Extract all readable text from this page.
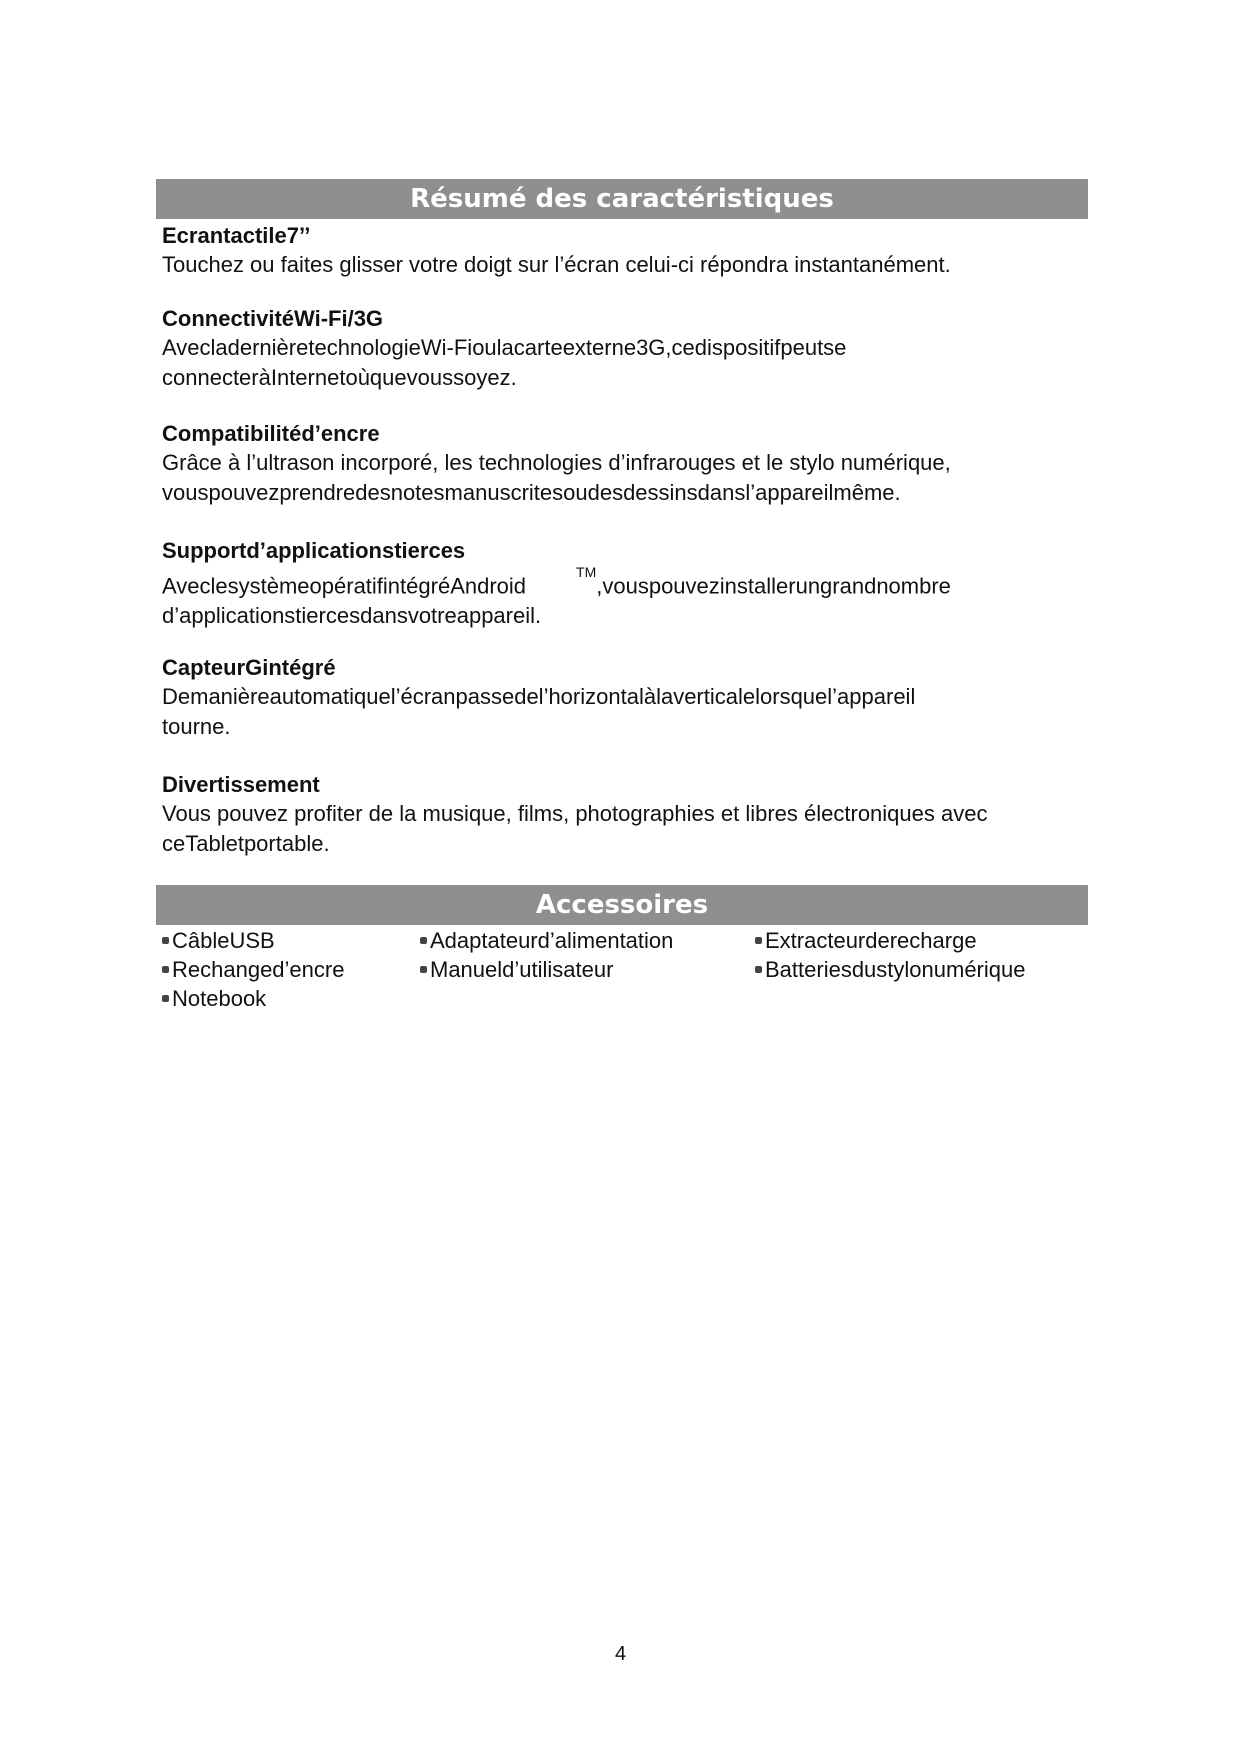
Résumé des caractéristiques

Ecrantactile7’’

Touchez ou faites glisser votre doigt sur l’écran celui-ci répondra instantanément.

ConnectivitéWi-Fi/3G

AvecladernièretechnologieWi-Fioulacarteexterne3G,cedispositifpeutse

connecteràInternetoùquevoussoyez.

Compatibilitéd’encre

Grâce à l’ultrason incorporé, les technologies d’infrarouges et le stylo numérique,

vouspouvezprendredesnotesmanuscritesoudesdessinsdansl’appareilmême.

Supportd’applicationstierces

AveclesystèmeopératifintégréAndroid™,vouspouvezinstallerungrandnombre

d’applicationstiercesdansvotreappareil.

CapteurGintégré

Demanièreautomatiquel’écranpassedel’horizontalàlaverticalelorsquel’appareil

tourne.

Divertissement

Vous pouvez profiter de la musique, films, photographies et libres électroniques avec

ceTabletportable.

Accessoires
CâbleUSB	Adaptateurd’alimentation	Extracteurderecharge
Rechanged’encre	Manueld’utilisateur	Batteriesdustylonumérique
Notebook
4
